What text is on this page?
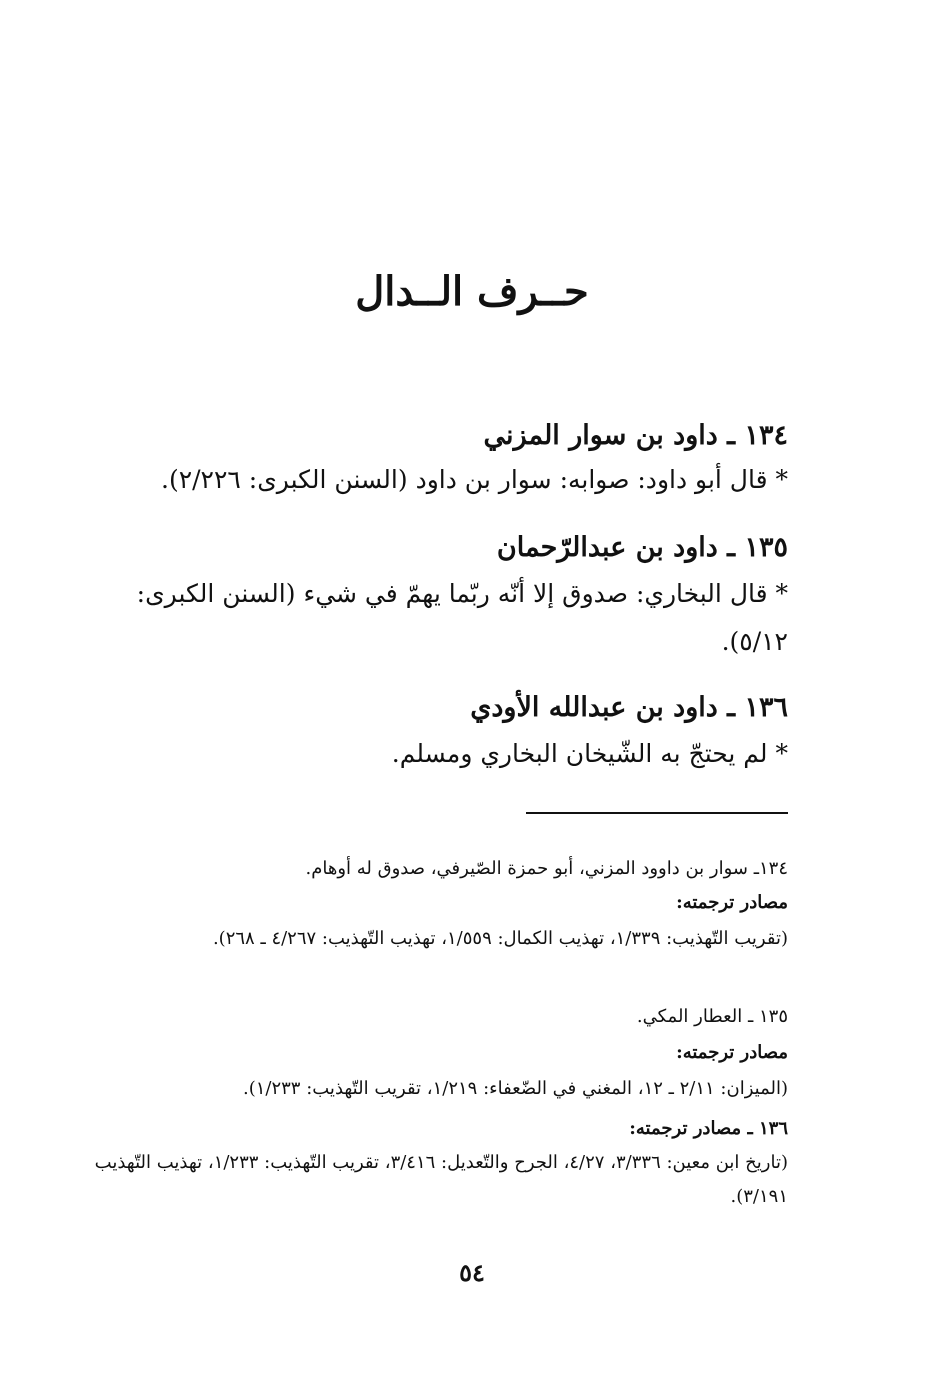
حــرف الــدال
١٣٤ ـ داود بن سوار المزني
* قال أبو داود: صوابه: سوار بن داود (السنن الكبرى: ٢/٢٢٦).
١٣٥ ـ داود بن عبدالرّحمان
* قال البخاري: صدوق إلا أنّه ربّما يهمّ في شيء (السنن الكبرى: ٥/١٢).
١٣٦ ـ داود بن عبدالله الأودي
* لم يحتجّ به الشّيخان البخاري ومسلم.
١٣٤ـ سوار بن داوود المزني، أبو حمزة الصّيرفي، صدوق له أوهام.
مصادر ترجمته:
(تقريب التّهذيب: ١/٣٣٩، تهذيب الكمال: ١/٥٥٩، تهذيب التّهذيب: ٤/٢٦٧ ـ ٢٦٨).
١٣٥ ـ العطار المكي.
مصادر ترجمته:
(الميزان: ٢/١١ ـ ١٢، المغني في الضّعفاء: ١/٢١٩، تقريب التّهذيب: ١/٢٣٣).
١٣٦ ـ مصادر ترجمته:
(تاريخ ابن معين: ٣/٣٣٦، ٤/٢٧، الجرح والتّعديل: ٣/٤١٦، تقريب التّهذيب: ١/٢٣٣، تهذيب التّهذيب ٣/١٩١).
٥٤
